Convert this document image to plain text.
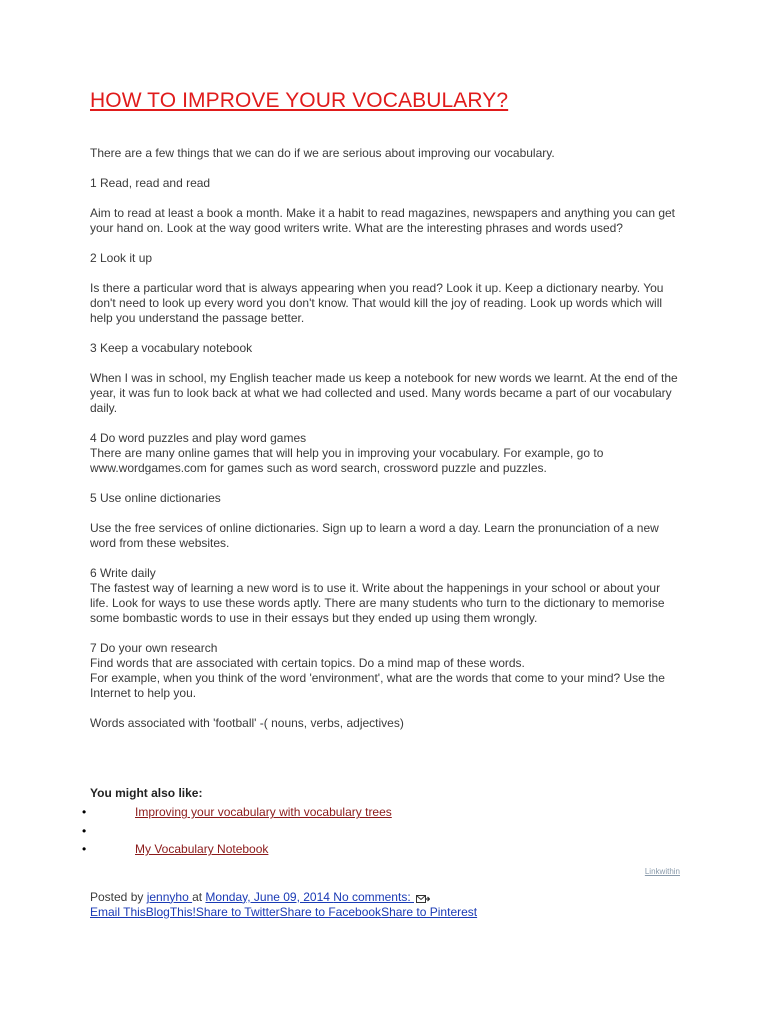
HOW TO IMPROVE YOUR VOCABULARY?

There are a few things that we can do if we are serious about improving our vocabulary.

1 Read, read and read

Aim to read at least a book a month. Make it a habit to read magazines, newspapers and anything you can get your hand on. Look at the way good writers write. What are the interesting phrases and words used?

2 Look it up

Is there a particular word that is always appearing when you read? Look it up. Keep a dictionary nearby. You don't need to look up every word you don't know. That would kill the joy of reading. Look up words which will help you understand the passage better.

3 Keep a vocabulary notebook

When I was in school, my English teacher made us keep a notebook for new words we learnt. At the end of the year, it was fun to look back at what we had collected and used. Many words became a part of our vocabulary daily.

4 Do word puzzles and play word games

There are many online games that will help you in improving your vocabulary. For example, go to www.wordgames.com for games such as word search, crossword puzzle and puzzles.

5 Use online dictionaries

Use the free services of online dictionaries. Sign up to learn a word a day. Learn the pronunciation of a new word from these websites.

6 Write daily

The fastest way of learning a new word is to use it. Write about the happenings in your school or about your life. Look for ways to use these words aptly. There are many students who turn to the dictionary to memorise some bombastic words to use in their essays but they ended up using them wrongly.

7 Do your own research

Find words that are associated with certain topics. Do a mind map of these words.

For example, when you think of the word 'environment', what are the words that come to your mind? Use the Internet to help you.

Words associated with 'football' -( nouns, verbs, adjectives)

You might also like:

•	Improving your vocabulary with vocabulary trees
•
•	My Vocabulary Notebook
Linkwithin
Posted by jennyho at Monday, June 09, 2014 No comments:
Email ThisBlogThis!Share to TwitterShare to FacebookShare to Pinterest
